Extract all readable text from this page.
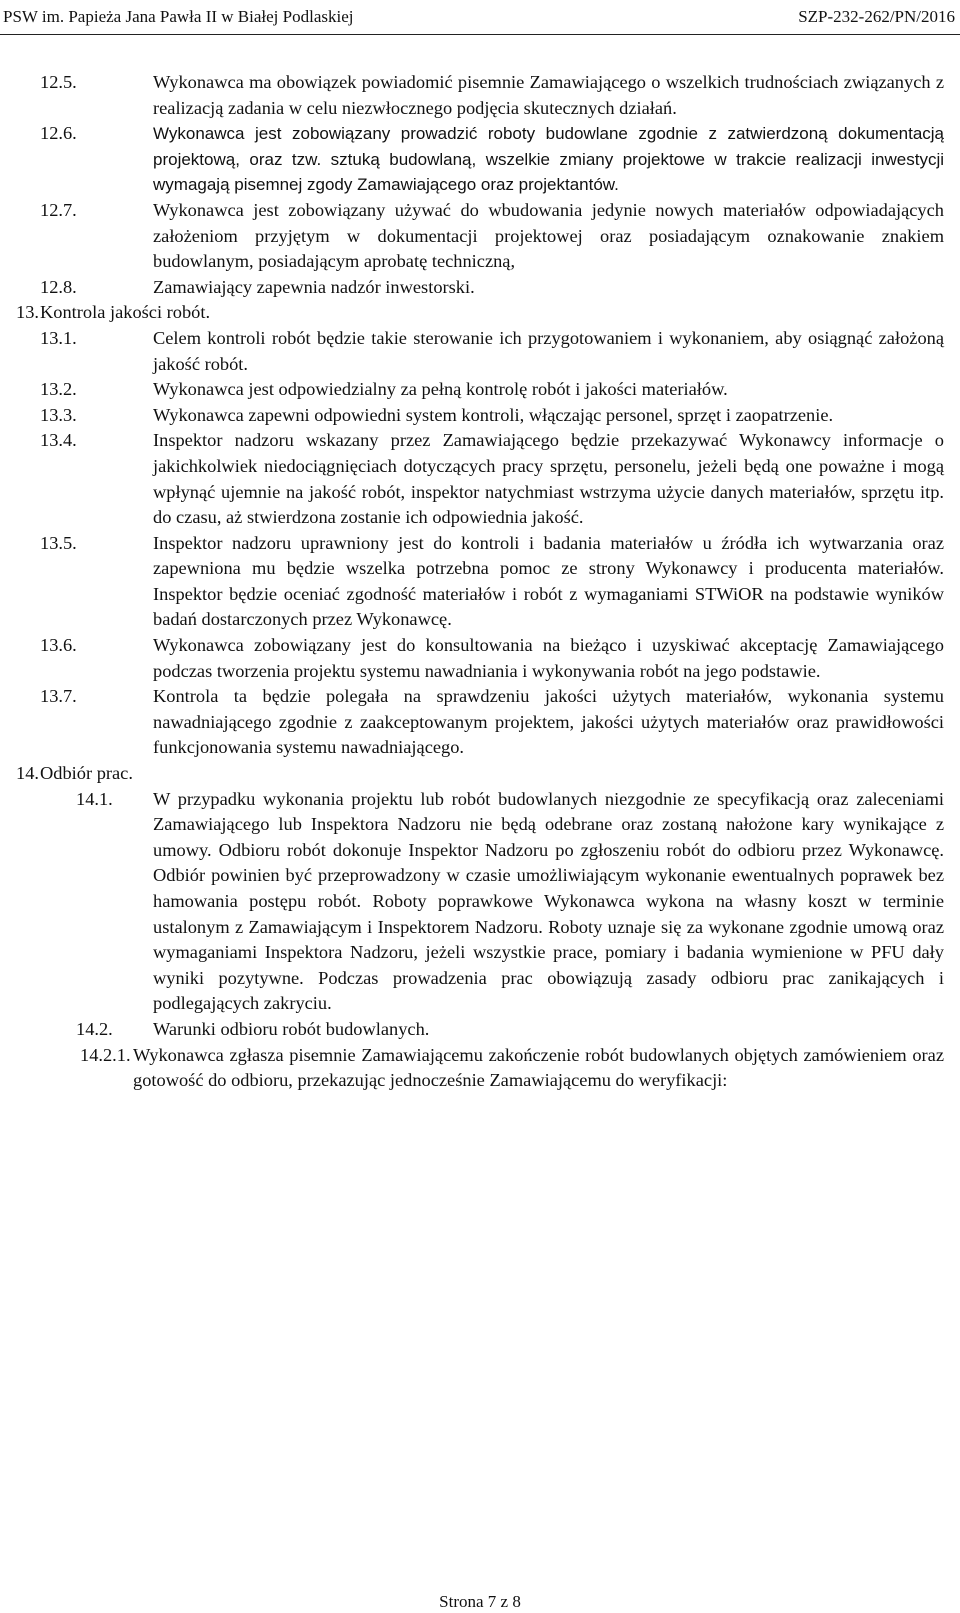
PSW im. Papieża Jana Pawła II w Białej Podlaskiej	SZP-232-262/PN/2016
12.5.	Wykonawca ma obowiązek powiadomić pisemnie Zamawiającego o wszelkich trudnościach związanych z realizacją zadania w celu niezwłocznego podjęcia skutecznych działań.
12.6.	Wykonawca jest zobowiązany prowadzić roboty budowlane zgodnie z zatwierdzoną dokumentacją projektową, oraz tzw. sztuką budowlaną, wszelkie zmiany projektowe w trakcie realizacji inwestycji wymagają pisemnej zgody Zamawiającego oraz projektantów.
12.7.	Wykonawca jest zobowiązany używać do wbudowania jedynie nowych materiałów odpowiadających założeniom przyjętym w dokumentacji projektowej oraz posiadającym oznakowanie znakiem budowlanym, posiadającym aprobatę techniczną,
12.8.	Zamawiający zapewnia nadzór inwestorski.
13. Kontrola jakości robót.
13.1.	Celem kontroli robót będzie takie sterowanie ich przygotowaniem i wykonaniem, aby osiągnąć założoną jakość robót.
13.2.	Wykonawca jest odpowiedzialny za pełną kontrolę robót i jakości materiałów.
13.3.	Wykonawca zapewni odpowiedni system kontroli, włączając personel, sprzęt i zaopatrzenie.
13.4.	Inspektor nadzoru wskazany przez Zamawiającego będzie przekazywać Wykonawcy informacje o jakichkolwiek niedociągnięciach dotyczących pracy sprzętu, personelu, jeżeli będą one poważne i mogą wpłynąć ujemnie na jakość robót, inspektor natychmiast wstrzyma użycie danych materiałów, sprzętu itp. do czasu, aż stwierdzona zostanie ich odpowiednia jakość.
13.5.	Inspektor nadzoru uprawniony jest do kontroli i badania materiałów u źródła ich wytwarzania oraz zapewniona mu będzie wszelka potrzebna pomoc ze strony Wykonawcy i producenta materiałów. Inspektor będzie oceniać zgodność materiałów i robót z wymaganiami STWiOR na podstawie wyników badań dostarczonych przez Wykonawcę.
13.6.	Wykonawca zobowiązany jest do konsultowania na bieżąco i uzyskiwać akceptację Zamawiającego podczas tworzenia projektu systemu nawadniania i wykonywania robót na jego podstawie.
13.7.	Kontrola ta będzie polegała na sprawdzeniu jakości użytych materiałów, wykonania systemu nawadniającego zgodnie z zaakceptowanym projektem, jakości użytych materiałów oraz prawidłowości funkcjonowania systemu nawadniającego.
14. Odbiór prac.
14.1. W przypadku wykonania projektu lub robót budowlanych niezgodnie ze specyfikacją oraz zaleceniami Zamawiającego lub Inspektora Nadzoru nie będą odebrane oraz zostaną nałożone kary wynikające z umowy. Odbioru robót dokonuje Inspektor Nadzoru po zgłoszeniu robót do odbioru przez Wykonawcę. Odbiór powinien być przeprowadzony w czasie umożliwiającym wykonanie ewentualnych poprawek bez hamowania postępu robót. Roboty poprawkowe Wykonawca wykona na własny koszt w terminie ustalonym z Zamawiającym i Inspektorem Nadzoru. Roboty uznaje się za wykonane zgodnie umową oraz wymaganiami Inspektora Nadzoru, jeżeli wszystkie prace, pomiary i badania wymienione w PFU dały wyniki pozytywne. Podczas prowadzenia prac obowiązują zasady odbioru prac zanikających i podlegających zakryciu.
14.2. Warunki odbioru robót budowlanych.
14.2.1. Wykonawca zgłasza pisemnie Zamawiającemu zakończenie robót budowlanych objętych zamówieniem oraz gotowość do odbioru, przekazując jednocześnie Zamawiającemu do weryfikacji:
Strona 7 z 8
